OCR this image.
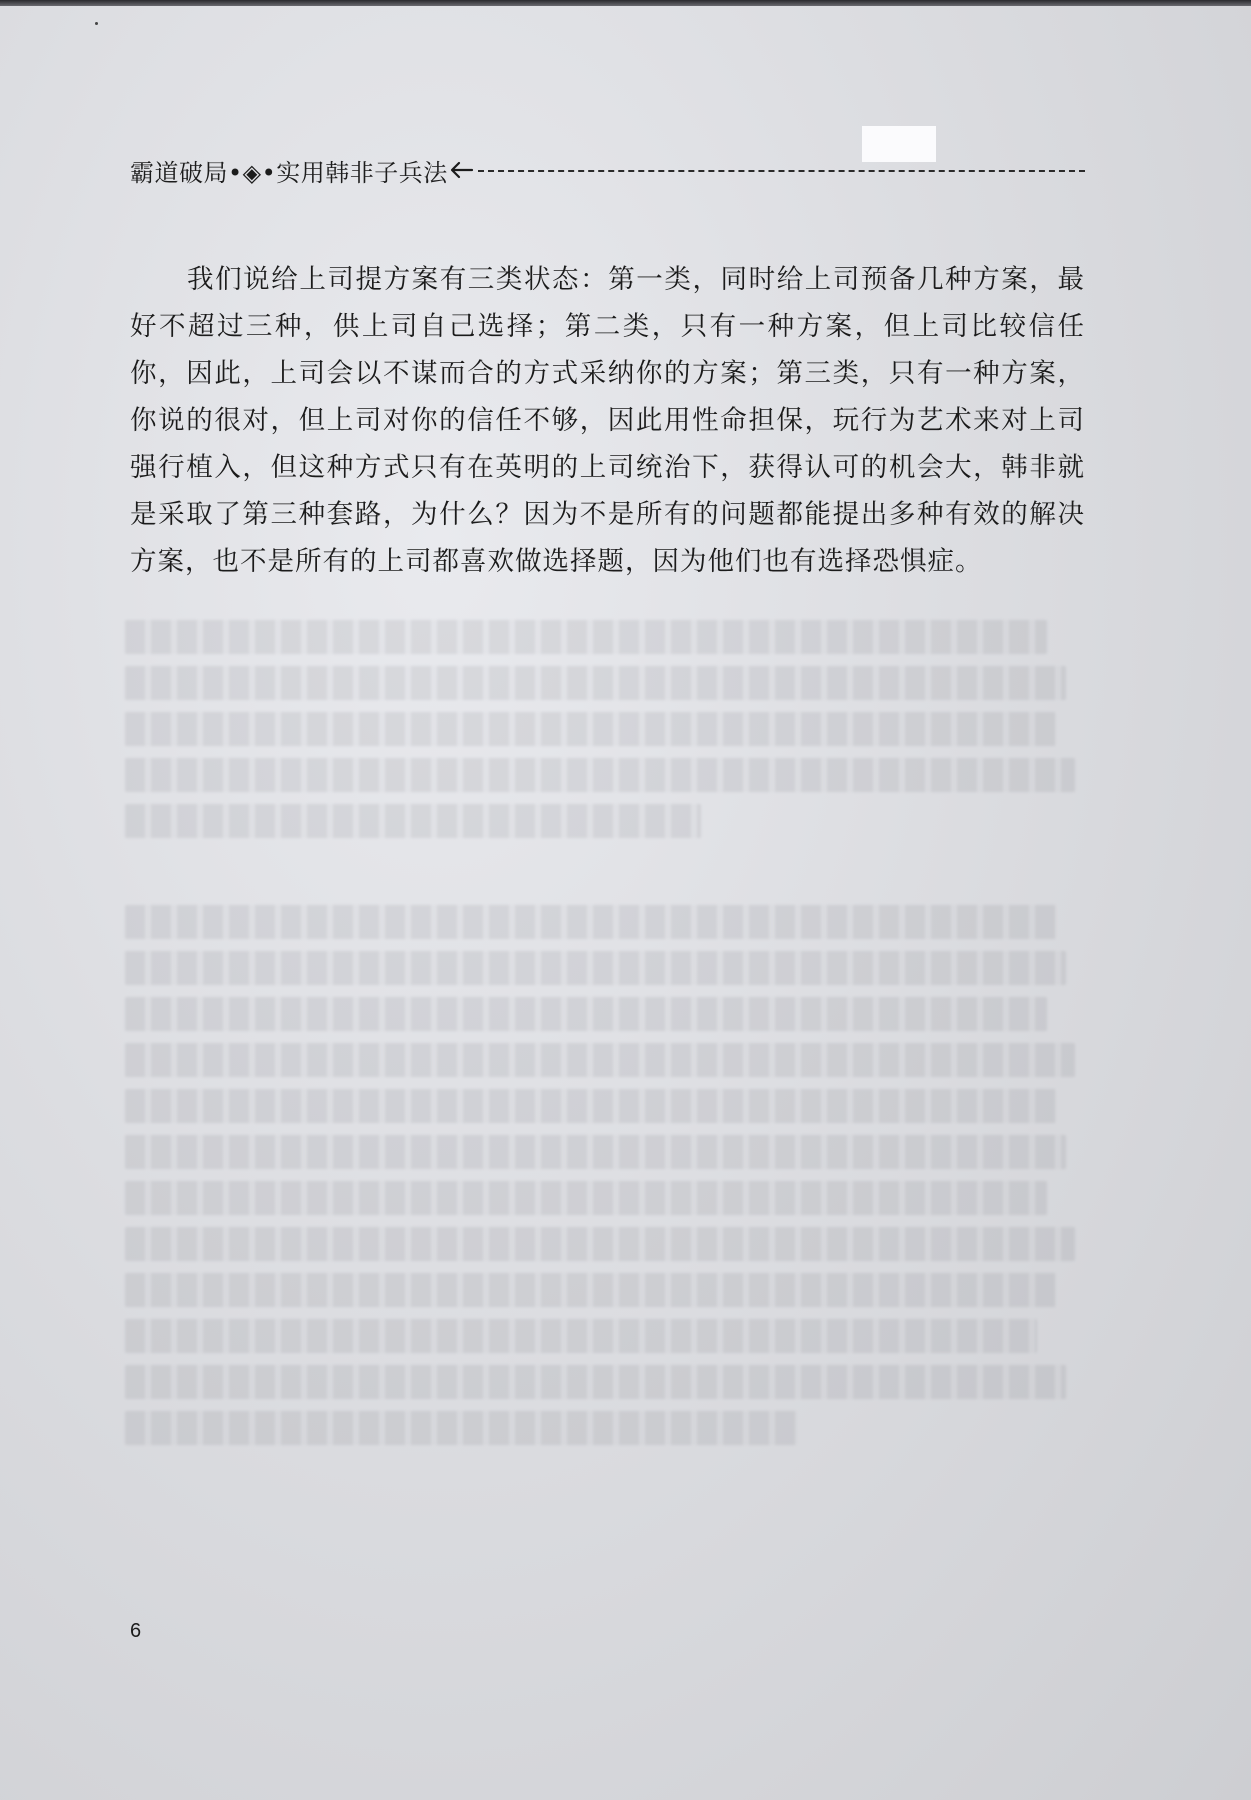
霸道破局•◈•实用韩非子兵法

我们说给上司提方案有三类状态：第一类，同时给上司预备几种方案，最好不超过三种，供上司自己选择；第二类，只有一种方案，但上司比较信任你，因此，上司会以不谋而合的方式采纳你的方案；第三类，只有一种方案，你说的很对，但上司对你的信任不够，因此用性命担保，玩行为艺术来对上司强行植入，但这种方式只有在英明的上司统治下，获得认可的机会大，韩非就是采取了第三种套路，为什么？因为不是所有的问题都能提出多种有效的解决方案，也不是所有的上司都喜欢做选择题，因为他们也有选择恐惧症。

6
